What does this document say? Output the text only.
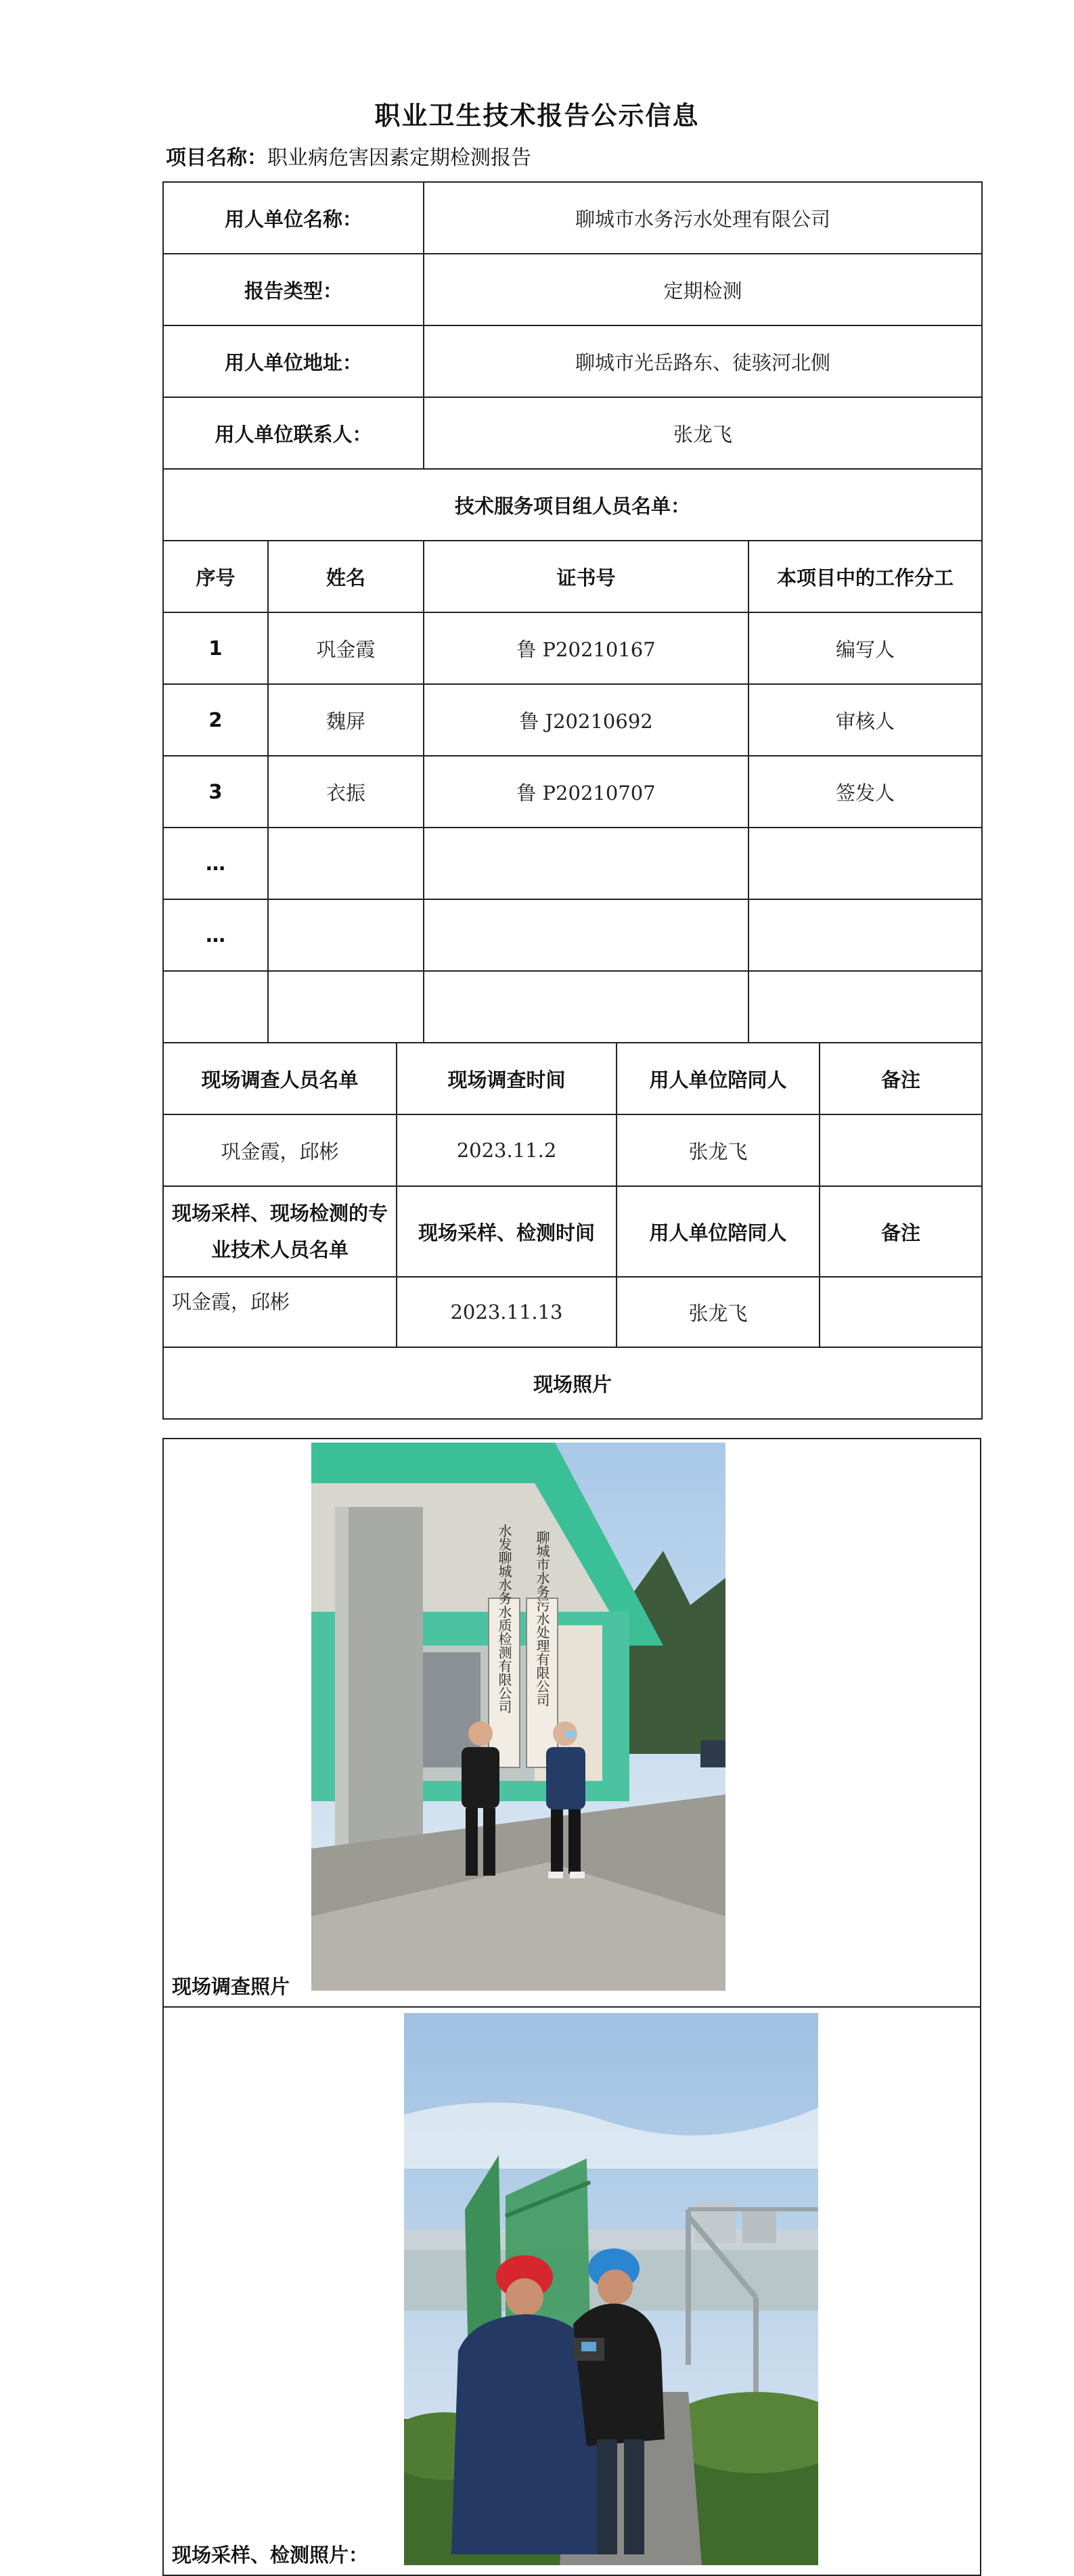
职业卫生技术报告公示信息
项目名称：职业病危害因素定期检测报告
用人单位名称：		聊城市水务污水处理有限公司	
报告类型：		定期检测	
用人单位地址：		聊城市光岳路东、徒骇河北侧	
用人单位联系人：		张龙飞	
技术服务项目组人员名单：			
序号	姓名	证书号	本项目中的工作分工
1	巩金霞	鲁 P20210167	编写人
2	魏屏	鲁 J20210692	审核人
3	衣振	鲁 P20210707	签发人
…			
…			

现场调查人员名单	现场调查时间	用人单位陪同人	备注
巩金霞，邱彬	2023.11.2	张龙飞	
现场采样、现场检测的专业技术人员名单	现场采样、检测时间	用人单位陪同人	备注
巩金霞，邱彬	2023.11.13	张龙飞	
现场照片			
水发聊城水务水质检测有限公司 聊城市水务污水处理有限公司
现场调查照片

现场采样、检测照片：
